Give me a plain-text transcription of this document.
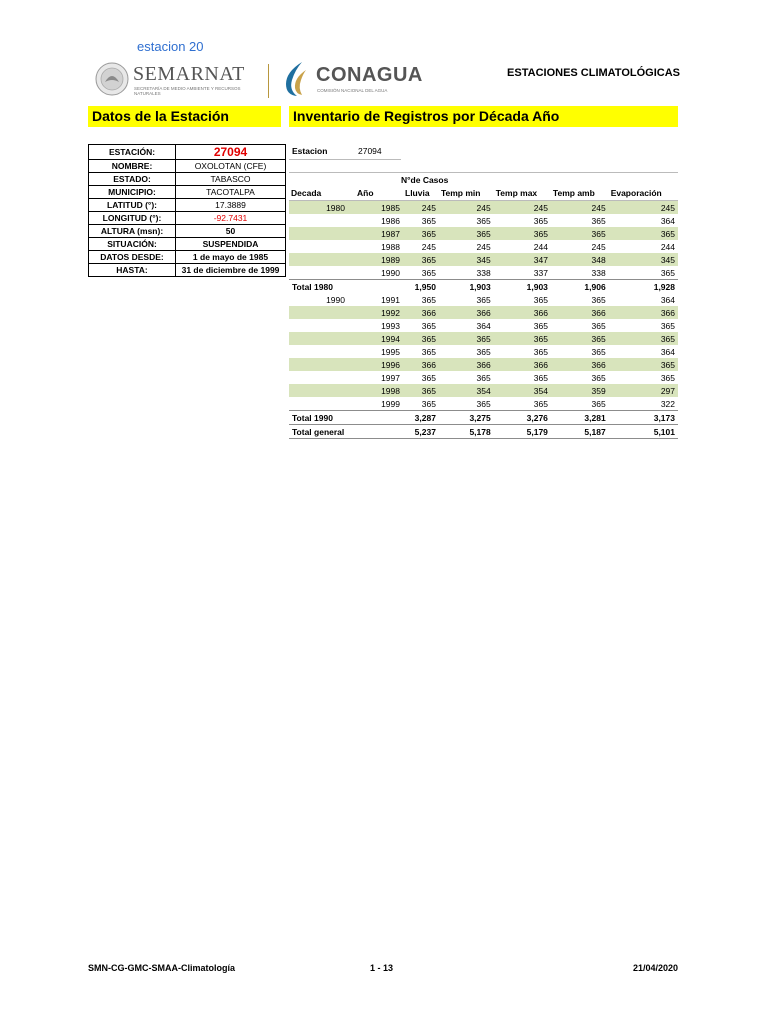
estacion 20
SEMARNAT
SECRETARÍA DE MEDIO AMBIENTE Y RECURSOS NATURALES
CONAGUA
COMISIÓN NACIONAL DEL AGUA
ESTACIONES CLIMATOLÓGICAS
Datos de la Estación	Inventario de Registros por Década Año
ESTACIÓN:	27094
NOMBRE:	OXOLOTAN (CFE)
ESTADO:	TABASCO
MUNICIPIO:	TACOTALPA
LATITUD (°):	17.3889
LONGITUD (°):	-92.7431
ALTURA (msn):	50
SITUACIÓN:	SUSPENDIDA
DATOS DESDE:	1 de mayo de 1985
HASTA:	31 de diciembre de 1999
Estacion	27094
N°de Casos
Decada	Año	Lluvia	Temp min	Temp max	Temp amb	Evaporación
1980	1985	245	245	245	245	245
	1986	365	365	365	365	364
	1987	365	365	365	365	365
	1988	245	245	244	245	244
	1989	365	345	347	348	345
	1990	365	338	337	338	365
Total 1980		1,950	1,903	1,903	1,906	1,928
1990	1991	365	365	365	365	364
	1992	366	366	366	366	366
	1993	365	364	365	365	365
	1994	365	365	365	365	365
	1995	365	365	365	365	364
	1996	366	366	366	366	365
	1997	365	365	365	365	365
	1998	365	354	354	359	297
	1999	365	365	365	365	322
Total 1990		3,287	3,275	3,276	3,281	3,173
Total general		5,237	5,178	5,179	5,187	5,101
SMN-CG-GMC-SMAA-Climatología	1 - 13	21/04/2020
